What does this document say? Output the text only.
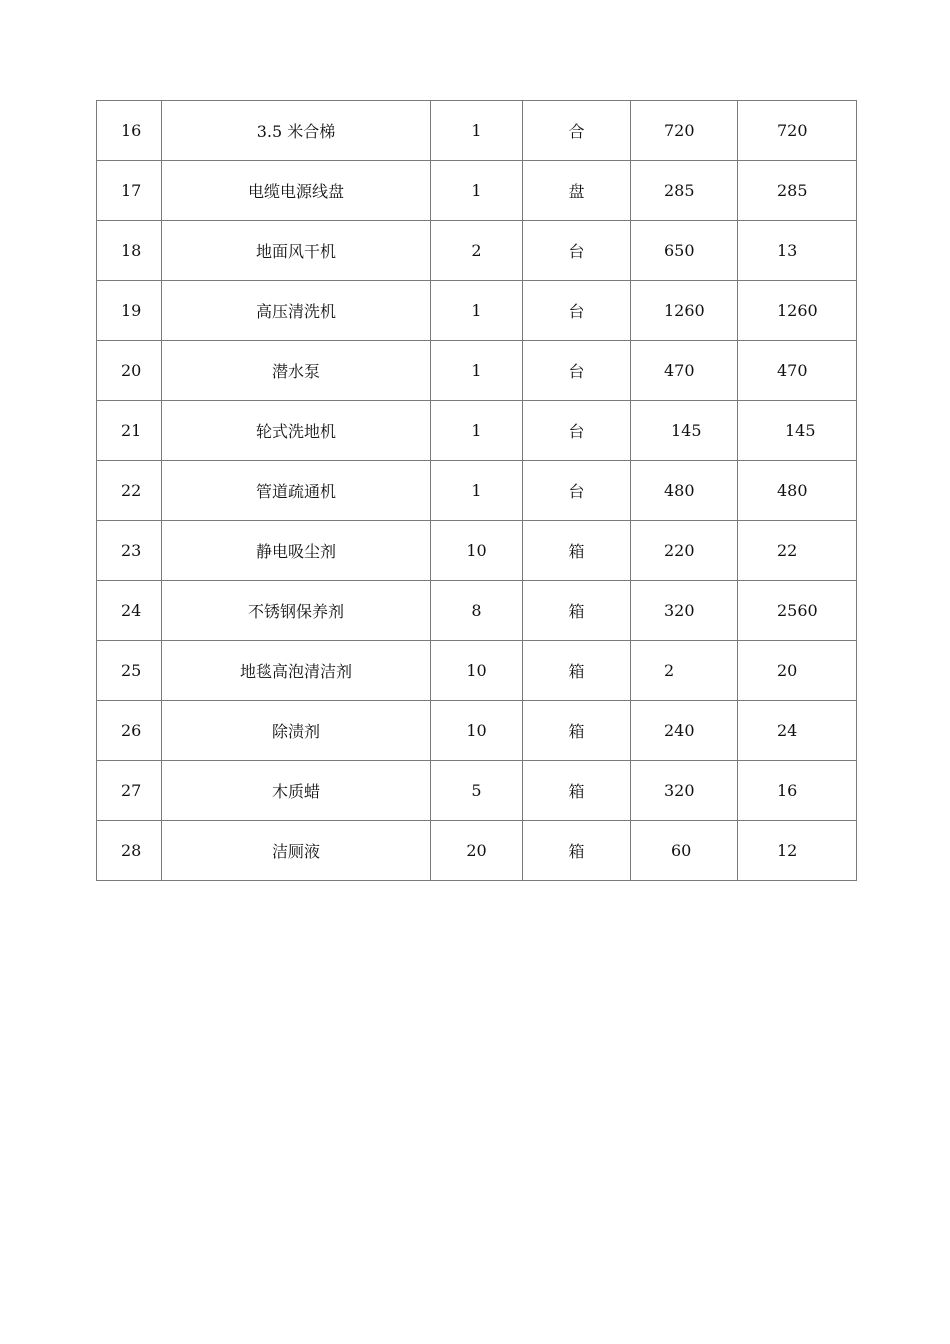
16	3.5 米合梯	1	合	720	720
17	电缆电源线盘	1	盘	285	285
18	地面风干机	2	台	650	13
19	高压清洗机	1	台	1260	1260
20	潜水泵	1	台	470	470
21	轮式洗地机	1	台	145	145
22	管道疏通机	1	台	480	480
23	静电吸尘剂	10	箱	220	22
24	不锈钢保养剂	8	箱	320	2560
25	地毯高泡清洁剂	10	箱	2	20
26	除渍剂	10	箱	240	24
27	木质蜡	5	箱	320	16
28	洁厕液	20	箱	60	12
